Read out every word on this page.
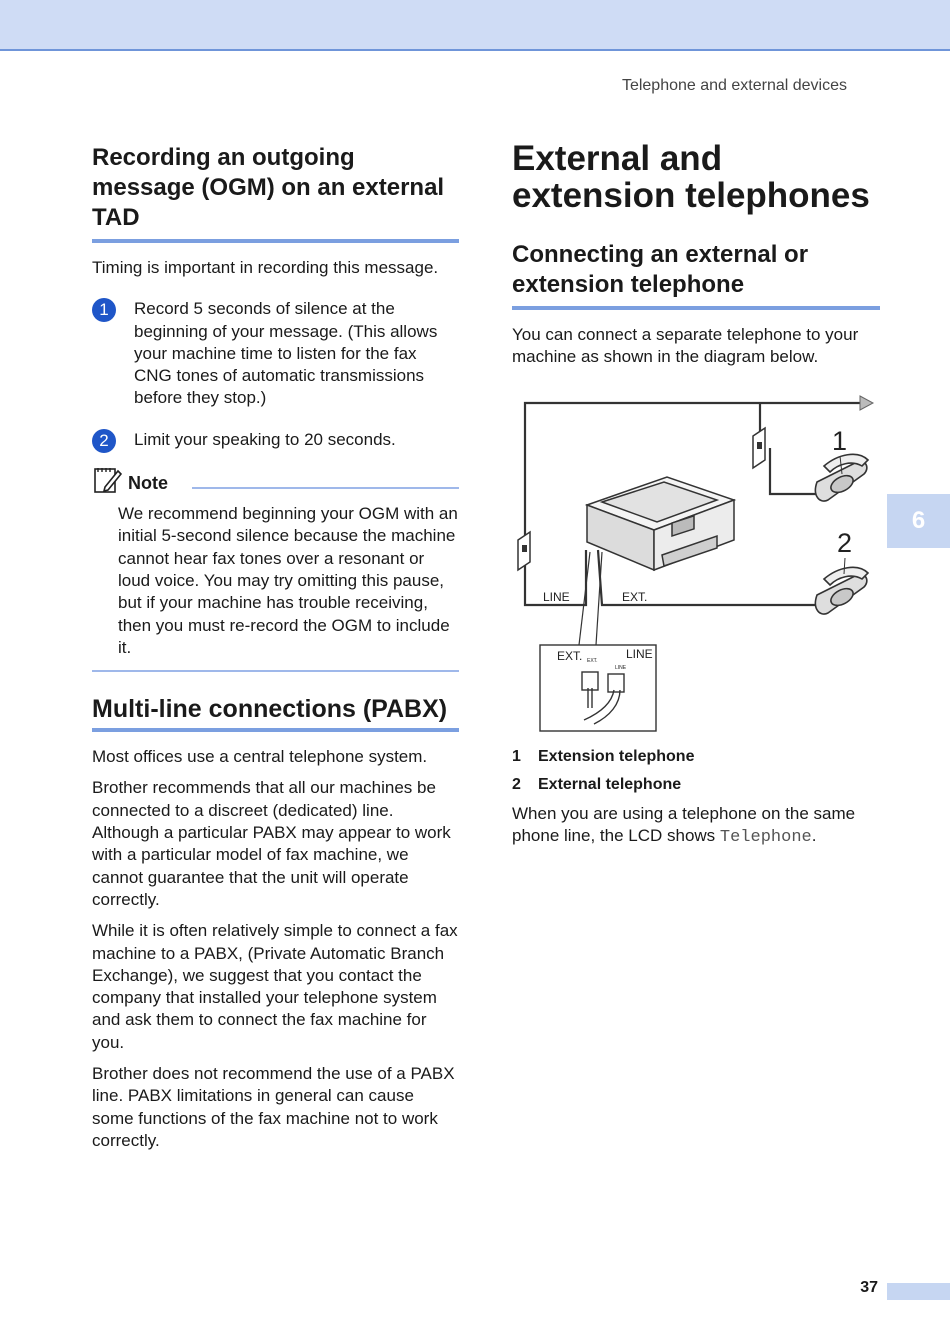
Telephone and external devices
6
Recording an outgoing message (OGM) on an external TAD

Timing is important in recording this message.

1	Record 5 seconds of silence at the beginning of your message. (This allows your machine time to listen for the fax CNG tones of automatic transmissions before they stop.)

2	Limit your speaking to 20 seconds.

Note

We recommend beginning your OGM with an initial 5-second silence because the machine cannot hear fax tones over a resonant or loud voice. You may try omitting this pause, but if your machine has trouble receiving, then you must re-record the OGM to include it.

Multi-line connections (PABX)

Most offices use a central telephone system.

Brother recommends that all our machines be connected to a discreet (dedicated) line. Although a particular PABX may appear to work with a particular model of fax machine, we cannot guarantee that the unit will operate correctly.

While it is often relatively simple to connect a fax machine to a PABX, (Private Automatic Branch Exchange), we suggest that you contact the company that installed your telephone system and ask them to connect the fax machine for you.

Brother does not recommend the use of a PABX line. PABX limitations in general can cause some functions of the fax machine not to work correctly.

External and extension telephones
Connecting an external or extension telephone

You can connect a separate telephone to your machine as shown in the diagram below.

1
2
LINE	EXT.
EXT.	LINE
EXT.
LINE
1	Extension telephone
2	External telephone

When you are using a telephone on the same phone line, the LCD shows Telephone.

37
